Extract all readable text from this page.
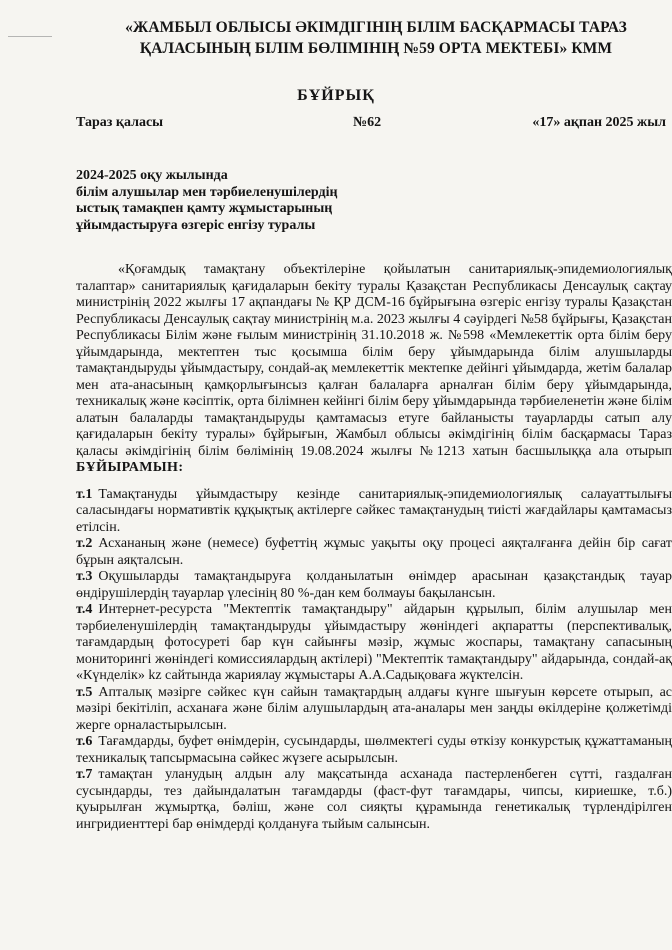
«ЖАМБЫЛ ОБЛЫСЫ ӘКІМДІГІНІҢ БІЛІМ БАСҚАРМАСЫ ТАРАЗ
ҚАЛАСЫНЫҢ БІЛІМ БӨЛІМІНІҢ №59 ОРТА МЕКТЕБІ» КММ
БҰЙРЫҚ
Тараз қаласы	№62	«17» ақпан 2025 жыл
2024-2025 оқу жылында
білім алушылар мен тәрбиеленушілердің
ыстық тамақпен қамту жұмыстарының
ұйымдастыруға өзгеріс енгізу туралы

«Қоғамдық тамақтану объектілеріне қойылатын санитариялық-эпидемиологиялық талаптар» санитариялық қағидаларын бекіту туралы Қазақстан Республикасы Денсаулық сақтау министрінің 2022 жылғы 17 ақпандағы № ҚР ДСМ-16 бұйрығына өзгеріс енгізу туралы Қазақстан Республикасы Денсаулық сақтау министрінің м.а. 2023 жылғы 4 сәуірдегі №58 бұйрығы, Қазақстан Республикасы Білім және ғылым министрінің 31.10.2018 ж. №598 «Мемлекеттік орта білім беру ұйымдарында, мектептен тыс қосымша білім беру ұйымдарында білім алушыларды тамақтандыруды ұйымдастыру, сондай-ақ мемлекеттік мектепке дейінгі ұйымдарда, жетім балалар мен ата-анасының қамқорлығынсыз қалған балаларға арналған білім беру ұйымдарында, техникалық және кәсіптік, орта білімнен кейінгі білім беру ұйымдарында тәрбиеленетін және білім алатын балаларды тамақтандыруды қамтамасыз етуге байланысты тауарларды сатып алу қағидаларын бекіту туралы» бұйрығын, Жамбыл облысы әкімдігінің білім басқармасы Тараз қаласы әкімдігінің білім бөлімінің 19.08.2024 жылғы №1213 хатын басшылыққа ала отырып БҰЙЫРАМЫН:

т.1 Тамақтануды ұйымдастыру кезінде санитариялық-эпидемиологиялық салауаттылығы саласындағы нормативтік құқықтық актілерге сәйкес тамақтанудың тиісті жағдайлары қамтамасыз етілсін.
т.2 Асхананың және (немесе) буфеттің жұмыс уақыты оқу процесі аяқталғанға дейін бір сағат бұрын аяқталсын.
т.3 Оқушыларды тамақтандыруға қолданылатын өнімдер арасынан қазақстандық тауар өндірушілердің тауарлар үлесінің 80 %-дан кем болмауы бақылансын.
т.4 Интернет-ресурста "Мектептік тамақтандыру" айдарын құрылып, білім алушылар мен тәрбиеленушілердің тамақтандыруды ұйымдастыру жөніндегі ақпаратты (перспективалық, тағамдардың фотосуреті бар күн сайынғы мәзір, жұмыс жоспары, тамақтану сапасының мониторингі жөніндегі комиссиялардың актілері) "Мектептік тамақтандыру" айдарында, сондай-ақ «Күнделік» kz сайтында жариялау жұмыстары А.А.Садықоваға жүктелсін.
т.5 Апталық мәзірге сәйкес күн сайын тамақтардың алдағы күнге шығуын көрсете отырып, ас мәзірі бекітіліп, асханаға және білім алушылардың ата-аналары мен заңды өкілдеріне қолжетімді жерге орналастырылсын.
т.6 Тағамдарды, буфет өнімдерін, сусындарды, шөлмектегі суды өткізу конкурстық құжаттаманың техникалық тапсырмасына сәйкес жүзеге асырылсын.
т.7 тамақтан уланудың алдын алу мақсатында асханада пастерленбеген сүтті, газдалған сусындарды, тез дайындалатын тағамдарды (фаст-фут тағамдары, чипсы, кириешке, т.б.) қуырылған жұмыртқа, бәліш, және сол сияқты құрамында генетикалық түрлендірілген ингридиенттері бар өнімдерді қолдануға тыйым салынсын.
